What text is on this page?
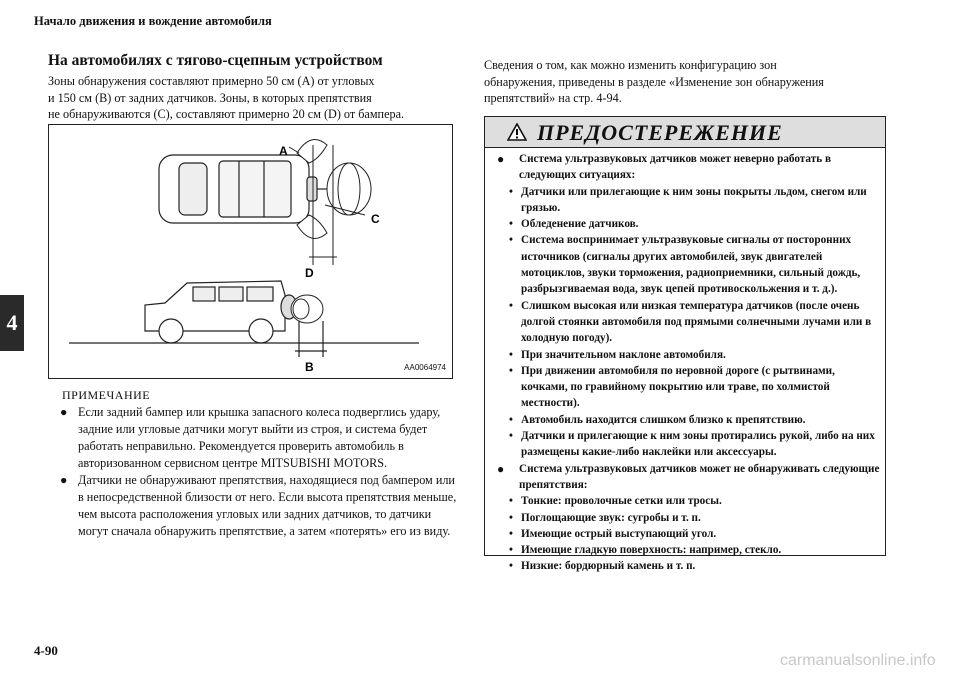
Начало движения и вождение автомобиля
4
На автомобилях с тягово-сцепным устройством
Зоны обнаружения составляют примерно 50 см (A) от угловых
и 150 см (B) от задних датчиков. Зоны, в которых препятствия
не обнаруживаются (C), составляют примерно 20 см (D) от бампера.
A
C
D
B	AA0064974
ПРИМЕЧАНИЕ
● Если задний бампер или крышка запасного колеса подверглись удару, задние или угловые датчики могут выйти из строя, и система будет работать неправильно. Рекомендуется проверить автомобиль в авторизованном сервисном центре MITSUBISHI MOTORS.
● Датчики не обнаруживают препятствия, находящиеся под бампером или в непосредственной близости от него. Если высота препятствия меньше, чем высота расположения угловых или задних датчиков, то датчики могут сначала обнаружить препятствие, а затем «потерять» его из виду.
Сведения о том, как можно изменить конфигурацию зон
обнаружения, приведены в разделе «Изменение зон обнаружения
препятствий» на стр. 4-94.
ПРЕДОСТЕРЕЖЕНИЕ
● Система ультразвуковых датчиков может неверно работать в следующих ситуациях:
• Датчики или прилегающие к ним зоны покрыты льдом, снегом или грязью.
• Обледенение датчиков.
• Система воспринимает ультразвуковые сигналы от посторонних источников (сигналы других автомобилей, звук двигателей мотоциклов, звуки торможения, радиоприемники, сильный дождь, разбрызгиваемая вода, звук цепей противоскольжения и т. д.).
• Слишком высокая или низкая температура датчиков (после очень долгой стоянки автомобиля под прямыми солнечными лучами или в холодную погоду).
• При значительном наклоне автомобиля.
• При движении автомобиля по неровной дороге (с рытвинами, кочками, по гравийному покрытию или траве, по холмистой местности).
• Автомобиль находится слишком близко к препятствию.
• Датчики и прилегающие к ним зоны протирались рукой, либо на них размещены какие-либо наклейки или аксессуары.
● Система ультразвуковых датчиков может не обнаруживать следующие препятствия:
• Тонкие: проволочные сетки или тросы.
• Поглощающие звук: сугробы и т. п.
• Имеющие острый выступающий угол.
• Имеющие гладкую поверхность: например, стекло.
• Низкие: бордюрный камень и т. п.
4-90
carmanualsonline.info
